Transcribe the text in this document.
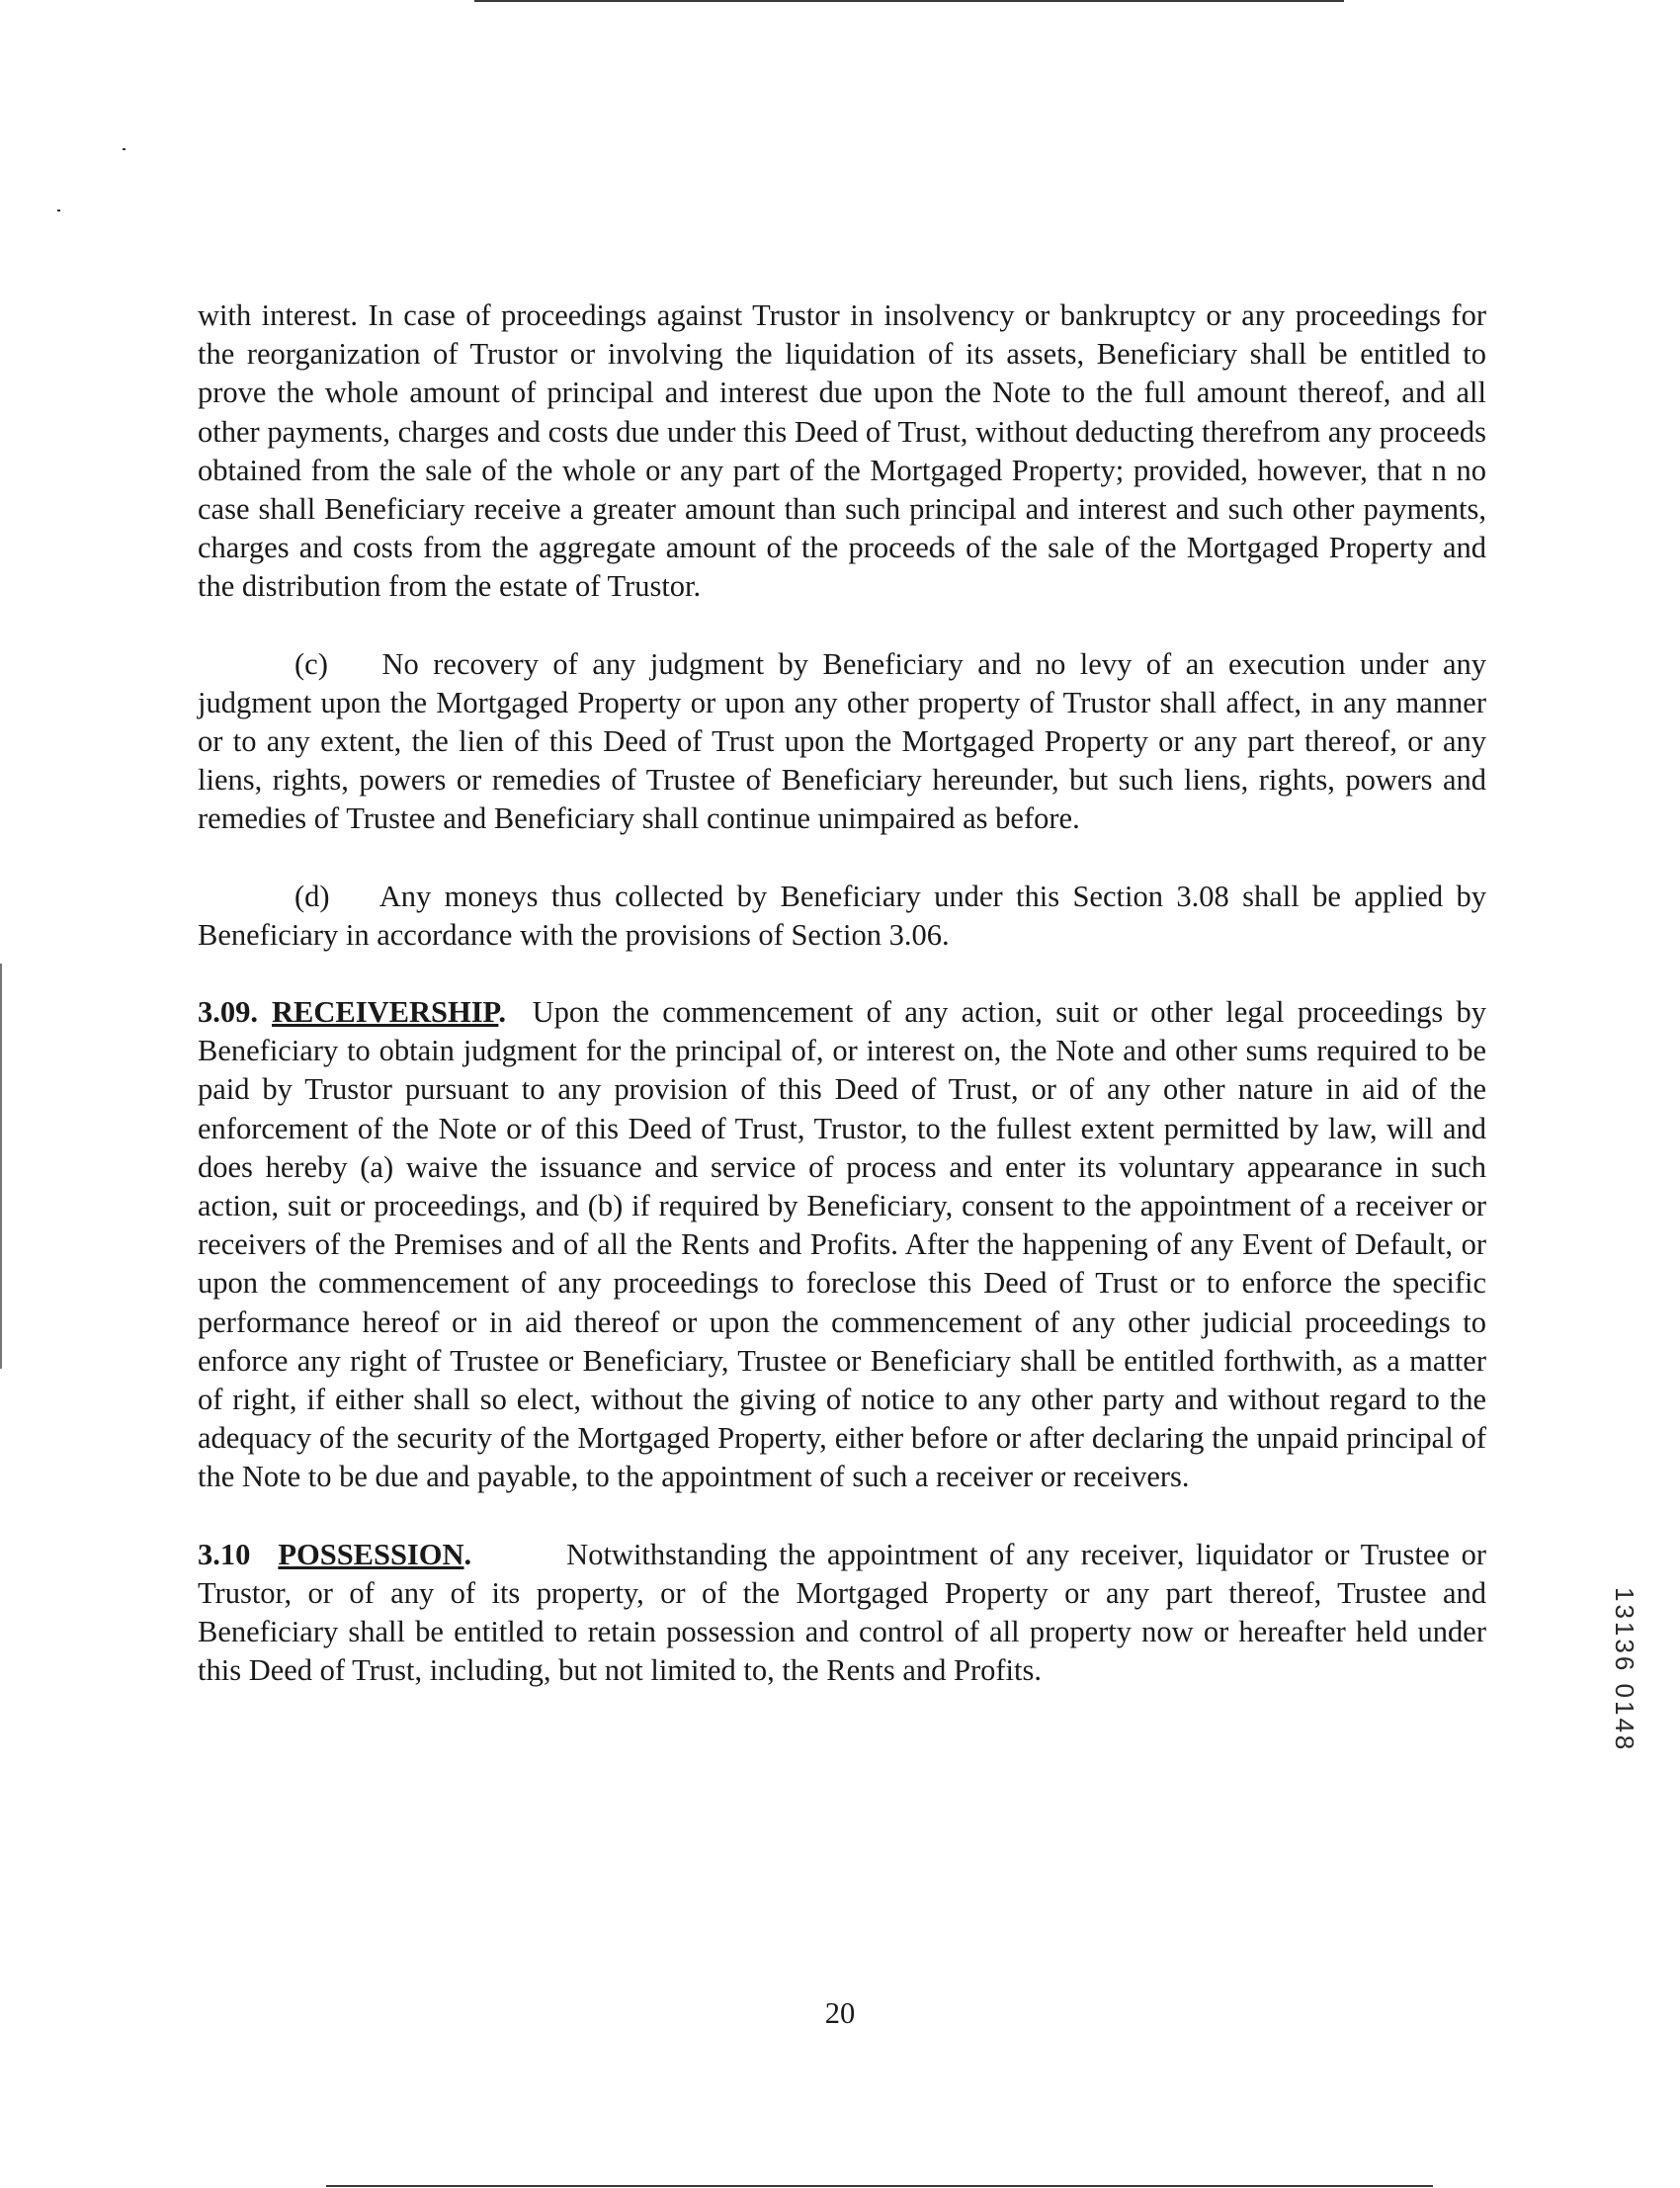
with interest. In case of proceedings against Trustor in insolvency or bankruptcy or any proceedings for the reorganization of Trustor or involving the liquidation of its assets, Beneficiary shall be entitled to prove the whole amount of principal and interest due upon the Note to the full amount thereof, and all other payments, charges and costs due under this Deed of Trust, without deducting therefrom any proceeds obtained from the sale of the whole or any part of the Mortgaged Property; provided, however, that n no case shall Beneficiary receive a greater amount than such principal and interest and such other payments, charges and costs from the aggregate amount of the proceeds of the sale of the Mortgaged Property and the distribution from the estate of Trustor.

(c) No recovery of any judgment by Beneficiary and no levy of an execution under any judgment upon the Mortgaged Property or upon any other property of Trustor shall affect, in any manner or to any extent, the lien of this Deed of Trust upon the Mortgaged Property or any part thereof, or any liens, rights, powers or remedies of Trustee of Beneficiary hereunder, but such liens, rights, powers and remedies of Trustee and Beneficiary shall continue unimpaired as before.

(d) Any moneys thus collected by Beneficiary under this Section 3.08 shall be applied by Beneficiary in accordance with the provisions of Section 3.06.

3.09. RECEIVERSHIP. Upon the commencement of any action, suit or other legal proceedings by Beneficiary to obtain judgment for the principal of, or interest on, the Note and other sums required to be paid by Trustor pursuant to any provision of this Deed of Trust, or of any other nature in aid of the enforcement of the Note or of this Deed of Trust, Trustor, to the fullest extent permitted by law, will and does hereby (a) waive the issuance and service of process and enter its voluntary appearance in such action, suit or proceedings, and (b) if required by Beneficiary, consent to the appointment of a receiver or receivers of the Premises and of all the Rents and Profits. After the happening of any Event of Default, or upon the commencement of any proceedings to foreclose this Deed of Trust or to enforce the specific performance hereof or in aid thereof or upon the commencement of any other judicial proceedings to enforce any right of Trustee or Beneficiary, Trustee or Beneficiary shall be entitled forthwith, as a matter of right, if either shall so elect, without the giving of notice to any other party and without regard to the adequacy of the security of the Mortgaged Property, either before or after declaring the unpaid principal of the Note to be due and payable, to the appointment of such a receiver or receivers.

3.10 POSSESSION.	Notwithstanding the appointment of any receiver, liquidator or Trustee or Trustor, or of any of its property, or of the Mortgaged Property or any part thereof, Trustee and Beneficiary shall be entitled to retain possession and control of all property now or hereafter held under this Deed of Trust, including, but not limited to, the Rents and Profits.

20
13136 0148
